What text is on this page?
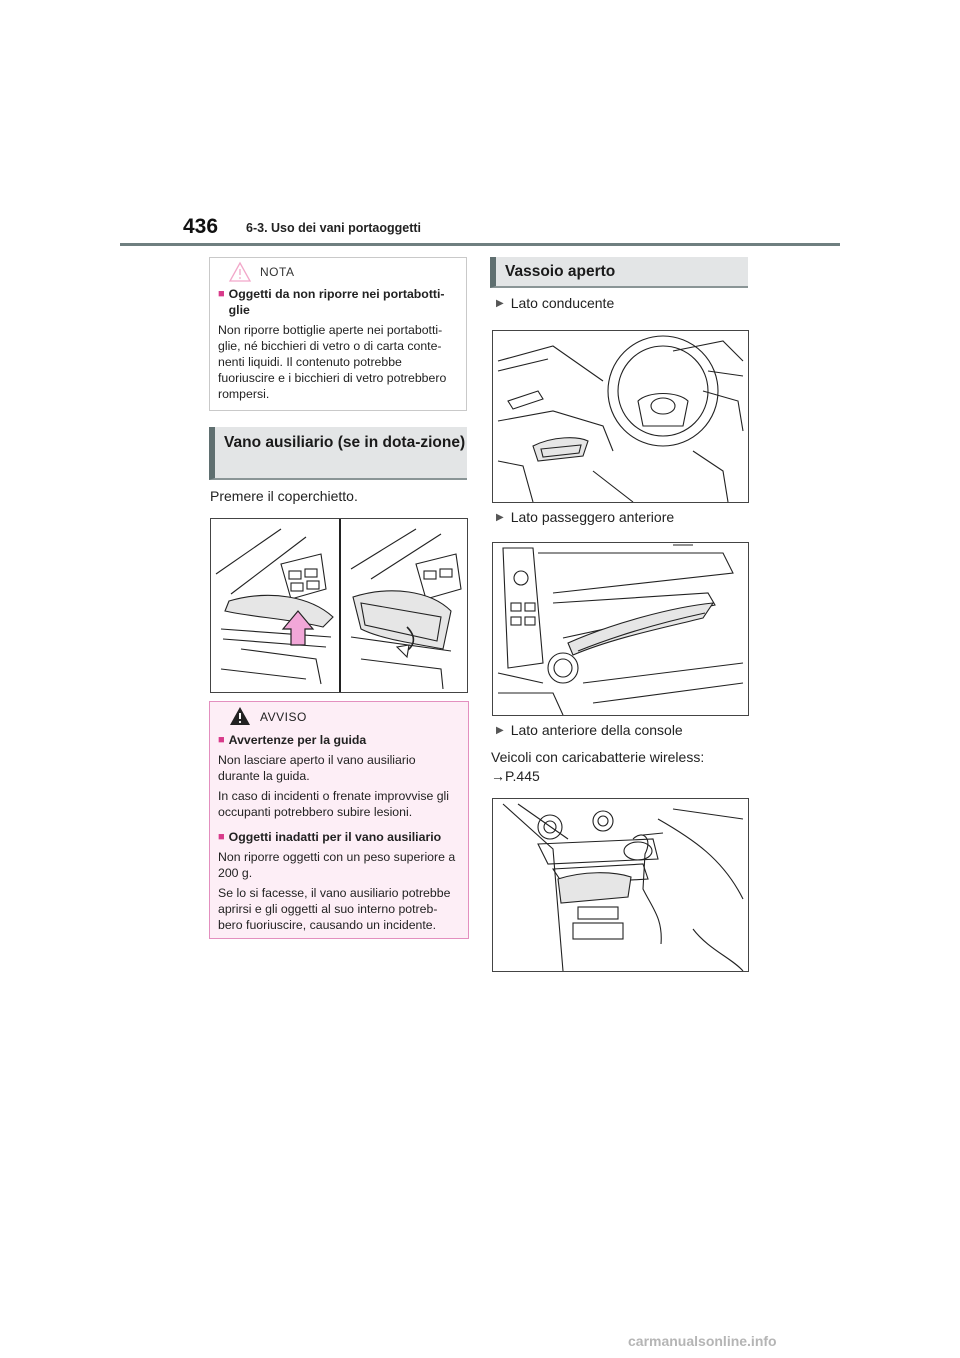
436 6-3. Uso dei vani portaoggetti
NOTA
■ Oggetti da non riporre nei portabotti-glie

Non riporre bottiglie aperte nei portabotti-glie, né bicchieri di vetro o di carta conte-nenti liquidi. Il contenuto potrebbe fuoriuscire e i bicchieri di vetro potrebbero rompersi.

Vano ausiliario (se in dota-zione)
Premere il coperchietto.
AVVISO
■ Avvertenze per la guida

Non lasciare aperto il vano ausiliario durante la guida.

In caso di incidenti o frenate improvvise gli occupanti potrebbero subire lesioni.

■ Oggetti inadatti per il vano ausiliario

Non riporre oggetti con un peso superiore a 200 g.

Se lo si facesse, il vano ausiliario potrebbe aprirsi e gli oggetti al suo interno potreb-bero fuoriuscire, causando un incidente.

Vassoio aperto
▶ Lato conducente
▶ Lato passeggero anteriore
▶ Lato anteriore della console
Veicoli con caricabatterie wireless:
→P.445
carmanualsonline.info
